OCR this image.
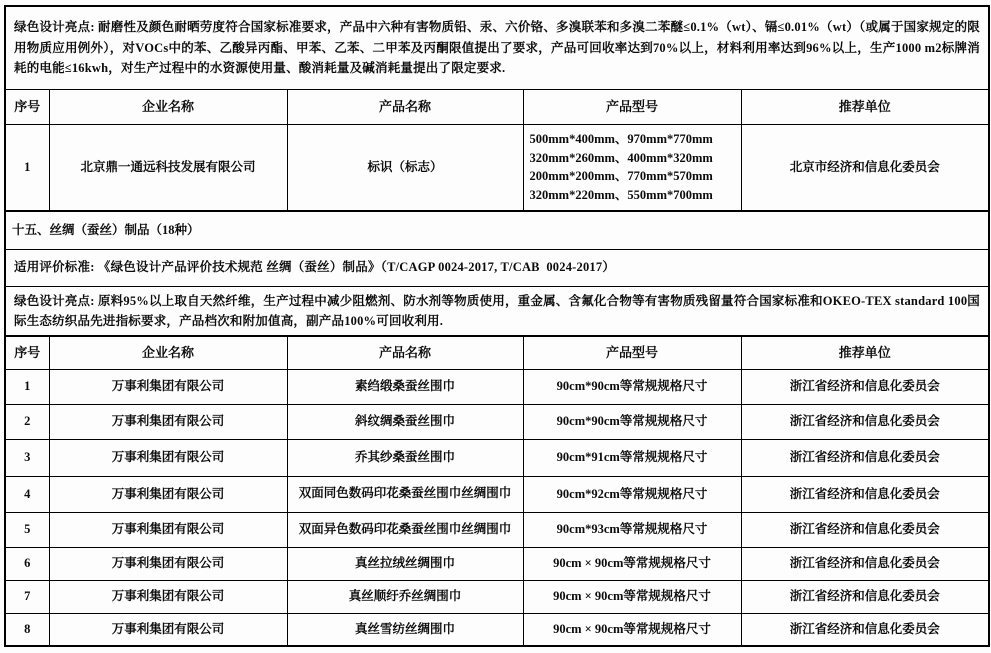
绿色设计亮点: 耐磨性及颜色耐晒劳度符合国家标准要求，产品中六种有害物质铅、汞、六价铬、多溴联苯和多溴二苯醚≤0.1%（wt）、镉≤0.01%（wt）（或属于国家规定的限用物质应用例外），对VOCs中的苯、乙酸异丙酯、甲苯、乙苯、二甲苯及丙酮限值提出了要求，产品可回收率达到70%以上，材料利用率达到96%以上，生产1000 m2标牌消耗的电能≤16kwh，对生产过程中的水资源使用量、酸消耗量及碱消耗量提出了限定要求.				
序号	企业名称	产品名称	产品型号	推荐单位
1	北京鼎一通远科技发展有限公司	标识（标志）	500mm*400mm、970mm*770mm
320mm*260mm、400mm*320mm
200mm*200mm、770mm*570mm
320mm*220mm、550mm*700mm	北京市经济和信息化委员会
十五、丝绸（蚕丝）制品（18种）				
适用评价标准: 《绿色设计产品评价技术规范 丝绸（蚕丝）制品》（T/CAGP 0024-2017, T/CAB  0024-2017）				
绿色设计亮点: 原料95%以上取自天然纤维，生产过程中减少阻燃剂、防水剂等物质使用，重金属、含氟化合物等有害物质残留量符合国家标准和OKEO-TEX standard 100国际生态纺织品先进指标要求，产品档次和附加值高，副产品100%可回收利用.				
序号	企业名称	产品名称	产品型号	推荐单位
1	万事利集团有限公司	素绉缎桑蚕丝围巾	90cm*90cm等常规规格尺寸	浙江省经济和信息化委员会
2	万事利集团有限公司	斜纹绸桑蚕丝围巾	90cm*90cm等常规规格尺寸	浙江省经济和信息化委员会
3	万事利集团有限公司	乔其纱桑蚕丝围巾	90cm*91cm等常规规格尺寸	浙江省经济和信息化委员会
4	万事利集团有限公司	双面同色数码印花桑蚕丝围巾丝绸围巾	90cm*92cm等常规规格尺寸	浙江省经济和信息化委员会
5	万事利集团有限公司	双面异色数码印花桑蚕丝围巾丝绸围巾	90cm*93cm等常规规格尺寸	浙江省经济和信息化委员会
6	万事利集团有限公司	真丝拉绒丝绸围巾	90cm × 90cm等常规规格尺寸	浙江省经济和信息化委员会
7	万事利集团有限公司	真丝顺纡乔丝绸围巾	90cm × 90cm等常规规格尺寸	浙江省经济和信息化委员会
8	万事利集团有限公司	真丝雪纺丝绸围巾	90cm × 90cm等常规规格尺寸	浙江省经济和信息化委员会
